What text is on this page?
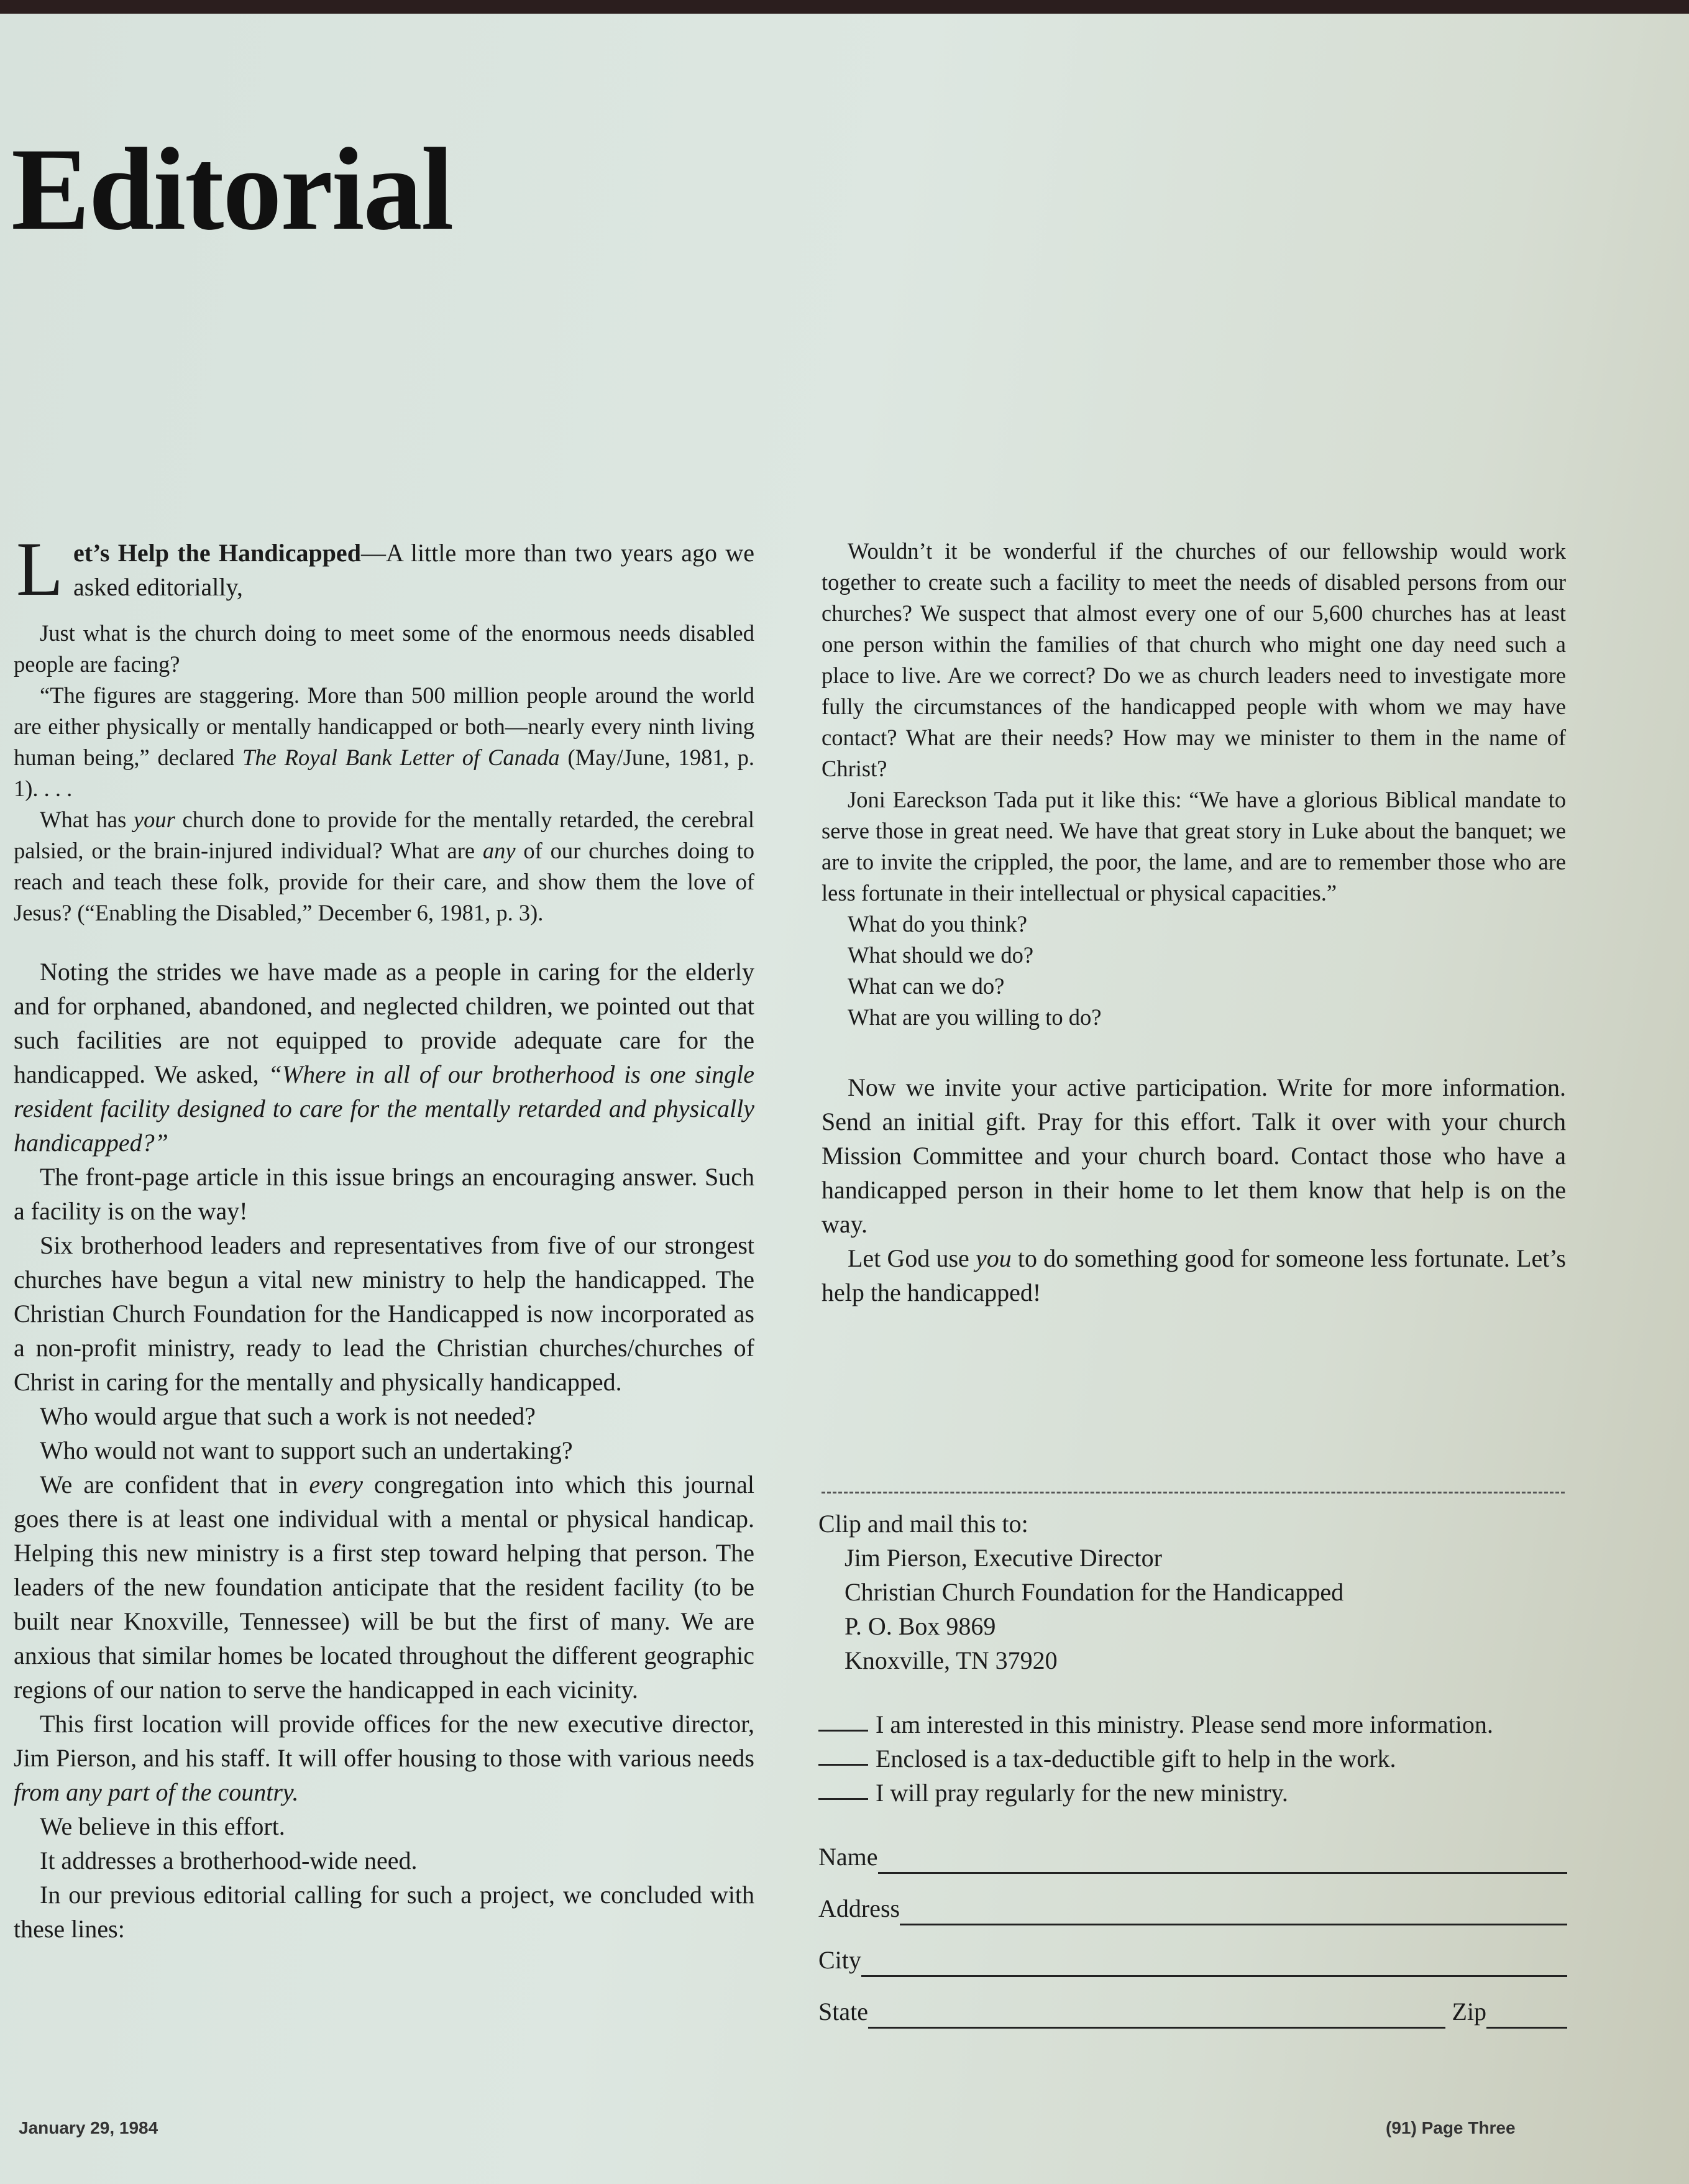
Editorial
L et’s Help the Handicapped—A little more than two years ago we asked editorially,

Just what is the church doing to meet some of the enormous needs disabled people are facing?

“The figures are staggering. More than 500 million people around the world are either physically or mentally handicapped or both—nearly every ninth living human being,” declared The Royal Bank Letter of Canada (May/June, 1981, p. 1). . . .

What has your church done to provide for the mentally retarded, the cerebral palsied, or the brain-injured individual? What are any of our churches doing to reach and teach these folk, provide for their care, and show them the love of Jesus? (“Enabling the Disabled,” December 6, 1981, p. 3).

Noting the strides we have made as a people in caring for the elderly and for orphaned, abandoned, and neglected children, we pointed out that such facilities are not equipped to provide adequate care for the handicapped. We asked, “Where in all of our brotherhood is one single resident facility designed to care for the mentally retarded and physically handicapped?”

The front-page article in this issue brings an encouraging answer. Such a facility is on the way!

Six brotherhood leaders and representatives from five of our strongest churches have begun a vital new ministry to help the handicapped. The Christian Church Foundation for the Handicapped is now incorporated as a non-profit ministry, ready to lead the Christian churches/churches of Christ in caring for the mentally and physically handicapped.

Who would argue that such a work is not needed?

Who would not want to support such an undertaking?

We are confident that in every congregation into which this journal goes there is at least one individual with a mental or physical handicap. Helping this new ministry is a first step toward helping that person. The leaders of the new foundation anticipate that the resident facility (to be built near Knoxville, Tennessee) will be but the first of many. We are anxious that similar homes be located throughout the different geographic regions of our nation to serve the handicapped in each vicinity.

This first location will provide offices for the new executive director, Jim Pierson, and his staff. It will offer housing to those with various needs from any part of the country.

We believe in this effort.

It addresses a brotherhood-wide need.

In our previous editorial calling for such a project, we concluded with these lines:

Wouldn’t it be wonderful if the churches of our fellowship would work together to create such a facility to meet the needs of disabled persons from our churches? We suspect that almost every one of our 5,600 churches has at least one person within the families of that church who might one day need such a place to live. Are we correct? Do we as church leaders need to investigate more fully the circumstances of the handicapped people with whom we may have contact? What are their needs? How may we minister to them in the name of Christ?

Joni Eareckson Tada put it like this: “We have a glorious Biblical mandate to serve those in great need. We have that great story in Luke about the banquet; we are to invite the crippled, the poor, the lame, and are to remember those who are less fortunate in their intellectual or physical capacities.”

What do you think?

What should we do?

What can we do?

What are you willing to do?

Now we invite your active participation. Write for more information. Send an initial gift. Pray for this effort. Talk it over with your church Mission Committee and your church board. Contact those who have a handicapped person in their home to let them know that help is on the way.

Let God use you to do something good for someone less fortunate. Let’s help the handicapped!

Clip and mail this to:

Jim Pierson, Executive Director

Christian Church Foundation for the Handicapped

P. O. Box 9869

Knoxville, TN 37920

I am interested in this ministry. Please send more information.
Enclosed is a tax-deductible gift to help in the work.
I will pray regularly for the new ministry.
Name
Address
City
State	Zip
January 29, 1984	(91) Page Three
